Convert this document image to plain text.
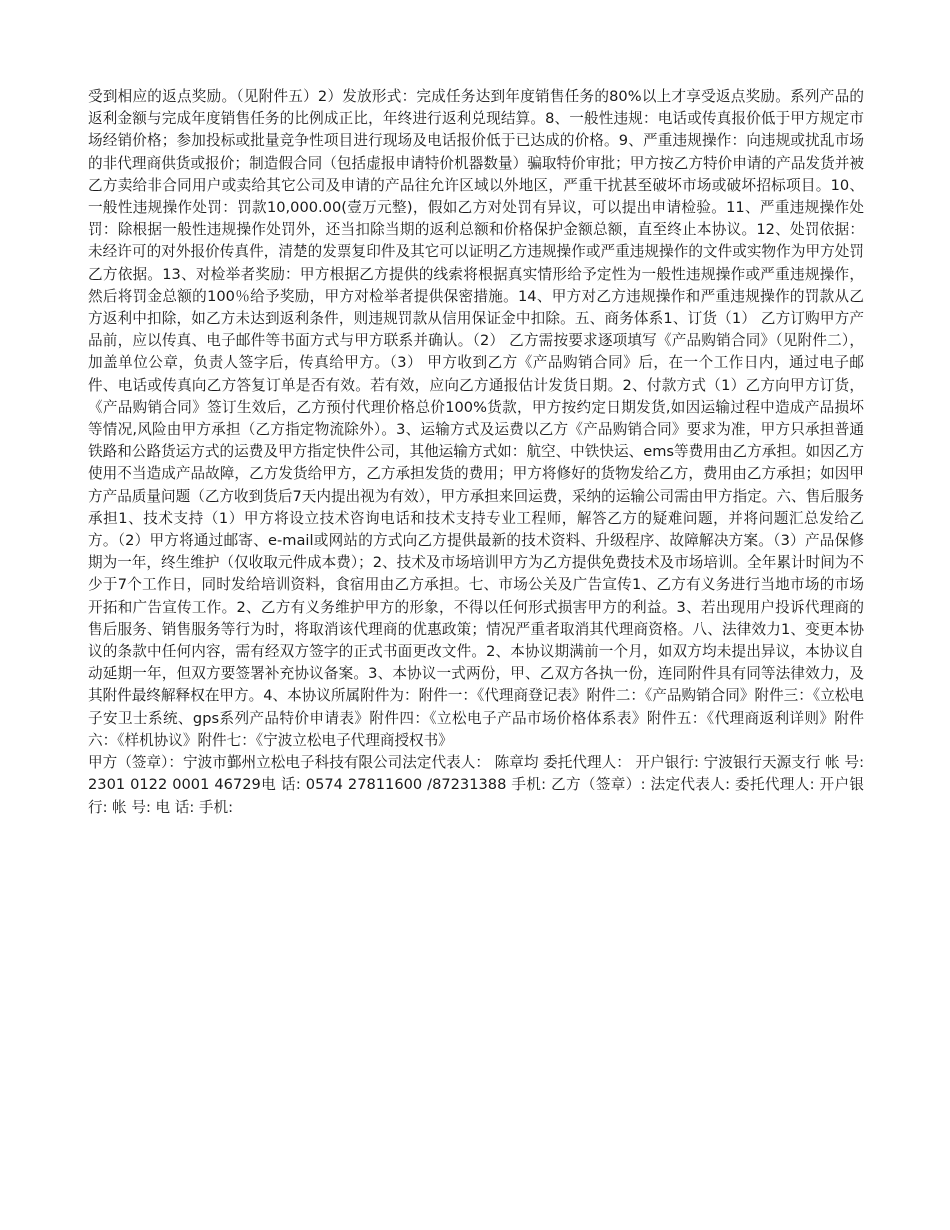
受到相应的返点奖励。（见附件五）2）发放形式：完成任务达到年度销售任务的80%以上才享受返点奖励。系列产品的返利金额与完成年度销售任务的比例成正比，年终进行返利兑现结算。8、一般性违规：电话或传真报价低于甲方规定市场经销价格；参加投标或批量竞争性项目进行现场及电话报价低于已达成的价格。9、严重违规操作：向违规或扰乱市场的非代理商供货或报价；制造假合同（包括虚报申请特价机器数量）骗取特价审批；甲方按乙方特价申请的产品发货并被乙方卖给非合同用户或卖给其它公司及申请的产品往允许区域以外地区，严重干扰甚至破坏市场或破坏招标项目。10、一般性违规操作处罚：罚款10,000.00(壹万元整)，假如乙方对处罚有异议，可以提出申请检验。11、严重违规操作处罚：除根据一般性违规操作处罚外，还当扣除当期的返利总额和价格保护金额总额，直至终止本协议。12、处罚依据：未经许可的对外报价传真件，清楚的发票复印件及其它可以证明乙方违规操作或严重违规操作的文件或实物作为甲方处罚乙方依据。13、对检举者奖励：甲方根据乙方提供的线索将根据真实情形给予定性为一般性违规操作或严重违规操作，然后将罚金总额的100％给予奖励，甲方对检举者提供保密措施。14、甲方对乙方违规操作和严重违规操作的罚款从乙方返利中扣除，如乙方未达到返利条件，则违规罚款从信用保证金中扣除。五、商务体系1、订货（1） 乙方订购甲方产品前，应以传真、电子邮件等书面方式与甲方联系并确认。（2） 乙方需按要求逐项填写《产品购销合同》（见附件二），加盖单位公章，负责人签字后，传真给甲方。（3） 甲方收到乙方《产品购销合同》后，在一个工作日内，通过电子邮件、电话或传真向乙方答复订单是否有效。若有效，应向乙方通报估计发货日期。2、付款方式（1）乙方向甲方订货，《产品购销合同》签订生效后，乙方预付代理价格总价100%货款，甲方按约定日期发货,如因运输过程中造成产品损坏等情况,风险由甲方承担（乙方指定物流除外）。3、运输方式及运费以乙方《产品购销合同》要求为准，甲方只承担普通铁路和公路货运方式的运费及甲方指定快件公司，其他运输方式如：航空、中铁快运、ems等费用由乙方承担。如因乙方使用不当造成产品故障，乙方发货给甲方，乙方承担发货的费用；甲方将修好的货物发给乙方，费用由乙方承担；如因甲方产品质量问题（乙方收到货后7天内提出视为有效），甲方承担来回运费，采纳的运输公司需由甲方指定。六、售后服务承担1、技术支持（1）甲方将设立技术咨询电话和技术支持专业工程师，解答乙方的疑难问题，并将问题汇总发给乙方。（2）甲方将通过邮寄、e-mail或网站的方式向乙方提供最新的技术资料、升级程序、故障解决方案。（3）产品保修期为一年，终生维护（仅收取元件成本费）；2、技术及市场培训甲方为乙方提供免费技术及市场培训。全年累计时间为不少于7个工作日，同时发给培训资料，食宿用由乙方承担。七、市场公关及广告宣传1、乙方有义务进行当地市场的市场开拓和广告宣传工作。2、乙方有义务维护甲方的形象，不得以任何形式损害甲方的利益。3、若出现用户投诉代理商的售后服务、销售服务等行为时，将取消该代理商的优惠政策；情况严重者取消其代理商资格。八、法律效力1、变更本协议的条款中任何内容，需有经双方签字的正式书面更改文件。2、本协议期满前一个月，如双方均未提出异议，本协议自动延期一年，但双方要签署补充协议备案。3、本协议一式两份，甲、乙双方各执一份，连同附件具有同等法律效力，及其附件最终解释权在甲方。4、本协议所属附件为：附件一：《代理商登记表》附件二：《产品购销合同》附件三：《立松电子安卫士系统、gps系列产品特价申请表》附件四：《立松电子产品市场价格体系表》附件五：《代理商返利详则》附件六：《样机协议》附件七：《宁波立松电子代理商授权书》

甲方（签章）：宁波市鄞州立松电子科技有限公司法定代表人： 陈章均 委托代理人： 开户银行: 宁波银行天源支行 帐 号: 2301 0122 0001 46729电 话: 0574 27811600 /87231388 手机: 乙方（签章）: 法定代表人: 委托代理人: 开户银行: 帐 号: 电 话: 手机:
